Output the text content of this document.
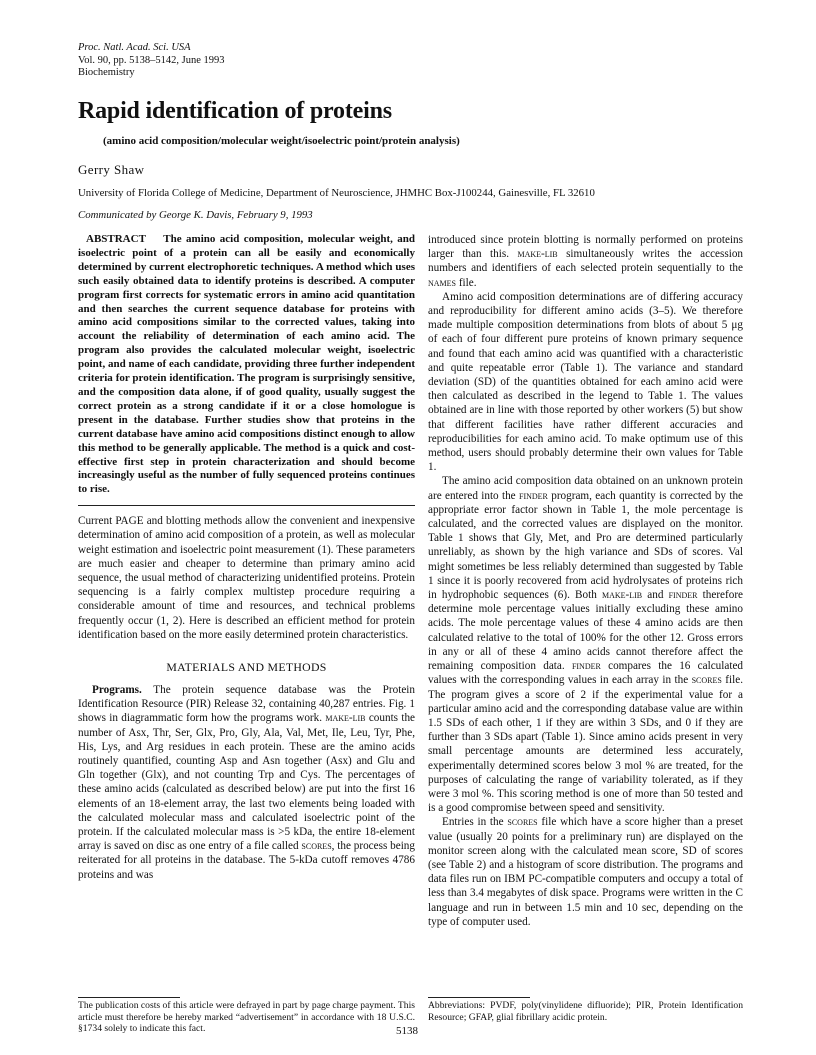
Proc. Natl. Acad. Sci. USA
Vol. 90, pp. 5138–5142, June 1993
Biochemistry
Rapid identification of proteins
(amino acid composition/molecular weight/isoelectric point/protein analysis)
Gerry Shaw
University of Florida College of Medicine, Department of Neuroscience, JHMHC Box-J100244, Gainesville, FL 32610
Communicated by George K. Davis, February 9, 1993

ABSTRACT The amino acid composition, molecular weight, and isoelectric point of a protein can all be easily and economically determined by current electrophoretic techniques. A method which uses such easily obtained data to identify proteins is described. A computer program first corrects for systematic errors in amino acid quantitation and then searches the current sequence database for proteins with amino acid compositions similar to the corrected values, taking into account the reliability of determination of each amino acid. The program also provides the calculated molecular weight, isoelectric point, and name of each candidate, providing three further independent criteria for protein identification. The program is surprisingly sensitive, and the composition data alone, if of good quality, usually suggest the correct protein as a strong candidate if it or a close homologue is present in the database. Further studies show that proteins in the current database have amino acid compositions distinct enough to allow this method to be generally applicable. The method is a quick and cost-effective first step in protein characterization and should become increasingly useful as the number of fully sequenced proteins continues to rise.

Current PAGE and blotting methods allow the convenient and inexpensive determination of amino acid composition of a protein, as well as molecular weight estimation and isoelectric point measurement (1). These parameters are much easier and cheaper to determine than primary amino acid sequence, the usual method of characterizing unidentified proteins. Protein sequencing is a fairly complex multistep procedure requiring a considerable amount of time and resources, and technical problems frequently occur (1, 2). Here is described an efficient method for protein identification based on the more easily determined protein characteristics.

MATERIALS AND METHODS

Programs. The protein sequence database was the Protein Identification Resource (PIR) Release 32, containing 40,287 entries. Fig. 1 shows in diagrammatic form how the programs work. make-lib counts the number of Asx, Thr, Ser, Glx, Pro, Gly, Ala, Val, Met, Ile, Leu, Tyr, Phe, His, Lys, and Arg residues in each protein. These are the amino acids routinely quantified, counting Asp and Asn together (Asx) and Glu and Gln together (Glx), and not counting Trp and Cys. The percentages of these amino acids (calculated as described below) are put into the first 16 elements of an 18-element array, the last two elements being loaded with the calculated molecular mass and calculated isoelectric point of the protein. If the calculated molecular mass is >5 kDa, the entire 18-element array is saved on disc as one entry of a file called scores, the process being reiterated for all proteins in the database. The 5-kDa cutoff removes 4786 proteins and was

introduced since protein blotting is normally performed on proteins larger than this. make-lib simultaneously writes the accession numbers and identifiers of each selected protein sequentially to the names file.

Amino acid composition determinations are of differing accuracy and reproducibility for different amino acids (3–5). We therefore made multiple composition determinations from blots of about 5 μg of each of four different pure proteins of known primary sequence and found that each amino acid was quantified with a characteristic and quite repeatable error (Table 1). The variance and standard deviation (SD) of the quantities obtained for each amino acid were then calculated as described in the legend to Table 1. The values obtained are in line with those reported by other workers (5) but show that different facilities have rather different accuracies and reproducibilities for each amino acid. To make optimum use of this method, users should probably determine their own values for Table 1.

The amino acid composition data obtained on an unknown protein are entered into the finder program, each quantity is corrected by the appropriate error factor shown in Table 1, the mole percentage is calculated, and the corrected values are displayed on the monitor. Table 1 shows that Gly, Met, and Pro are determined particularly unreliably, as shown by the high variance and SDs of scores. Val might sometimes be less reliably determined than suggested by Table 1 since it is poorly recovered from acid hydrolysates of proteins rich in hydrophobic sequences (6). Both make-lib and finder therefore determine mole percentage values initially excluding these amino acids. The mole percentage values of these 4 amino acids are then calculated relative to the total of 100% for the other 12. Gross errors in any or all of these 4 amino acids cannot therefore affect the remaining composition data. finder compares the 16 calculated values with the corresponding values in each array in the scores file. The program gives a score of 2 if the experimental value for a particular amino acid and the corresponding database value are within 1.5 SDs of each other, 1 if they are within 3 SDs, and 0 if they are further than 3 SDs apart (Table 1). Since amino acids present in very small percentage amounts are determined less accurately, experimentally determined scores below 3 mol % are treated, for the purposes of calculating the range of variability tolerated, as if they were 3 mol %. This scoring method is one of more than 50 tested and is a good compromise between speed and sensitivity.

Entries in the scores file which have a score higher than a preset value (usually 20 points for a preliminary run) are displayed on the monitor screen along with the calculated mean score, SD of scores (see Table 2) and a histogram of score distribution. The programs and data files run on IBM PC-compatible computers and occupy a total of less than 3.4 megabytes of disk space. Programs were written in the C language and run in between 1.5 min and 10 sec, depending on the type of computer used.

The publication costs of this article were defrayed in part by page charge payment. This article must therefore be hereby marked “advertisement” in accordance with 18 U.S.C. §1734 solely to indicate this fact.
Abbreviations: PVDF, poly(vinylidene difluoride); PIR, Protein Identification Resource; GFAP, glial fibrillary acidic protein.
5138
